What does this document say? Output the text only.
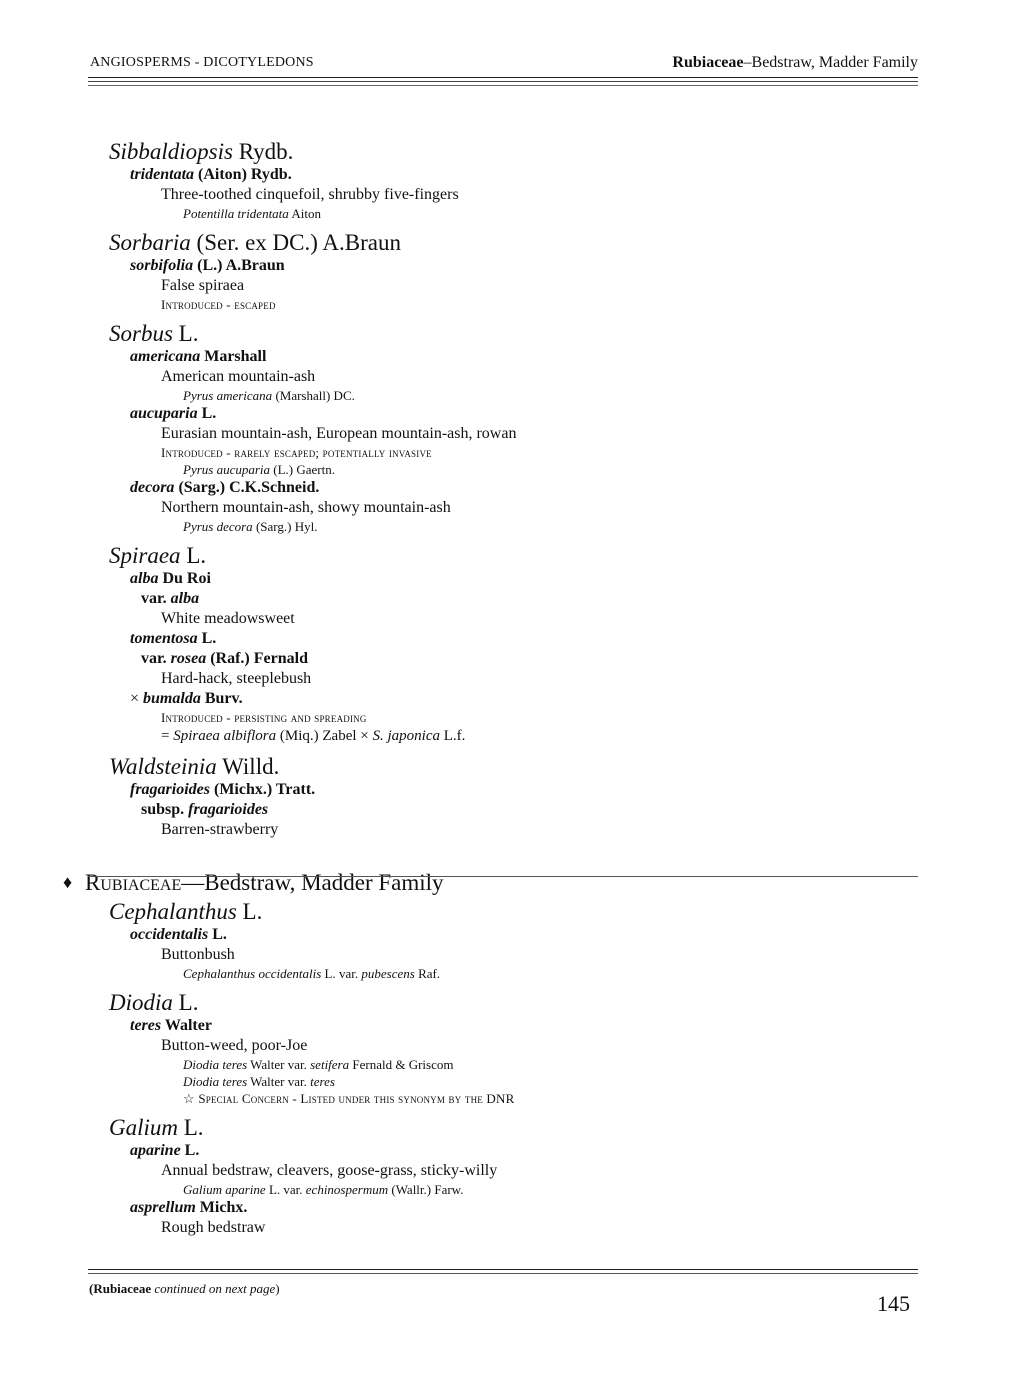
ANGIOSPERMS - DICOTYLEDONS	Rubiaceae–Bedstraw, Madder Family
Sibbaldiopsis Rydb.
tridentata (Aiton) Rydb.
Three-toothed cinquefoil, shrubby five-fingers
Potentilla tridentata Aiton
Sorbaria (Ser. ex DC.) A.Braun
sorbifolia (L.) A.Braun
False spiraea
Introduced - escaped
Sorbus L.
americana Marshall
American mountain-ash
Pyrus americana (Marshall) DC.
aucuparia L.
Eurasian mountain-ash, European mountain-ash, rowan
Introduced - rarely escaped; potentially invasive
Pyrus aucuparia (L.) Gaertn.
decora (Sarg.) C.K.Schneid.
Northern mountain-ash, showy mountain-ash
Pyrus decora (Sarg.) Hyl.
Spiraea L.
alba Du Roi
var. alba
White meadowsweet
tomentosa L.
var. rosea (Raf.) Fernald
Hard-hack, steeplebush
× bumalda Burv.
Introduced - persisting and spreading
= Spiraea albiflora (Miq.) Zabel × S. japonica L.f.
Waldsteinia Willd.
fragarioides (Michx.) Tratt.
subsp. fragarioides
Barren-strawberry
♦ Rubiaceae—Bedstraw, Madder Family
Cephalanthus L.
occidentalis L.
Buttonbush
Cephalanthus occidentalis L. var. pubescens Raf.
Diodia L.
teres Walter
Button-weed, poor-Joe
Diodia teres Walter var. setifera Fernald & Griscom
Diodia teres Walter var. teres
☆ Special Concern - Listed under this synonym by the DNR
Galium L.
aparine L.
Annual bedstraw, cleavers, goose-grass, sticky-willy
Galium aparine L. var. echinospermum (Wallr.) Farw.
asprellum Michx.
Rough bedstraw
(Rubiaceae continued on next page)
145
